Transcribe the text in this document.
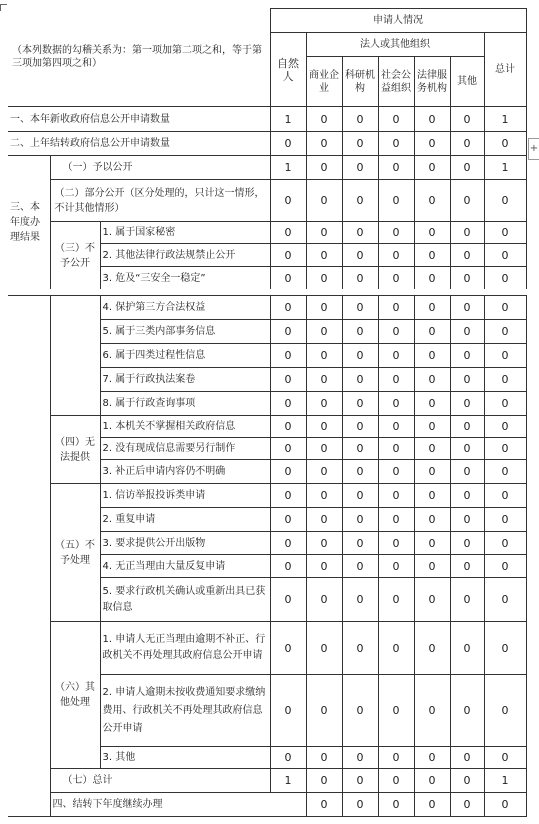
+
（本列数据的勾稽关系为：第一项加第二项之和，等于第三项加第四项之和）			申请人情况						
			自然人	法人或其他组织					总计
				商业企业	科研机构	社会公益组织	法律服务机构	其他	
一、本年新收政府信息公开申请数量			1	0	0	0	0	0	1
二、上年结转政府信息公开申请数量			0	0	0	0	0	0	0
三、本年度办理结果	（一）予以公开		1	0	0	0	0	0	1
	（二）部分公开（区分处理的，只计这一情形，不计其他情形）		0	0	0	0	0	0	0
	（三）不予公开	1. 属于国家秘密	0	0	0	0	0	0	0
		2. 其他法律行政法规禁止公开	0	0	0	0	0	0	0
		3. 危及“三安全一稳定”	0	0	0	0	0	0	0
		4. 保护第三方合法权益	0	0	0	0	0	0	0	
		5. 属于三类内部事务信息	0	0	0	0	0	0	0	
		6. 属于四类过程性信息	0	0	0	0	0	0	0	
		7. 属于行政执法案卷	0	0	0	0	0	0	0	
		8. 属于行政查询事项	0	0	0	0	0	0	0	
	（四）无法提供	1. 本机关不掌握相关政府信息	0	0	0	0	0	0	0	
		2. 没有现成信息需要另行制作	0	0	0	0	0	0	0	
		3. 补正后申请内容仍不明确	0	0	0	0	0	0	0	
	（五）不予处理	1. 信访举报投诉类申请	0	0	0	0	0	0	0	
		2. 重复申请	0	0	0	0	0	0	0	
		3. 要求提供公开出版物	0	0	0	0	0	0	0	
		4. 无正当理由大量反复申请	0	0	0	0	0	0	0	
		5. 要求行政机关确认或重新出具已获取信息	0	0	0	0	0	0	0	
	（六）其他处理	1. 申请人无正当理由逾期不补正、行政机关不再处理其政府信息公开申请	0	0	0	0	0	0	0	
		2. 申请人逾期未按收费通知要求缴纳费用、行政机关不再处理其政府信息公开申请	0	0	0	0	0	0	0	
		3. 其他	0	0	0	0	0	0	0	
	（七）总计		1	0	0	0	0	0	1	
	四、结转下年度继续办理			0	0	0	0	0	0	
